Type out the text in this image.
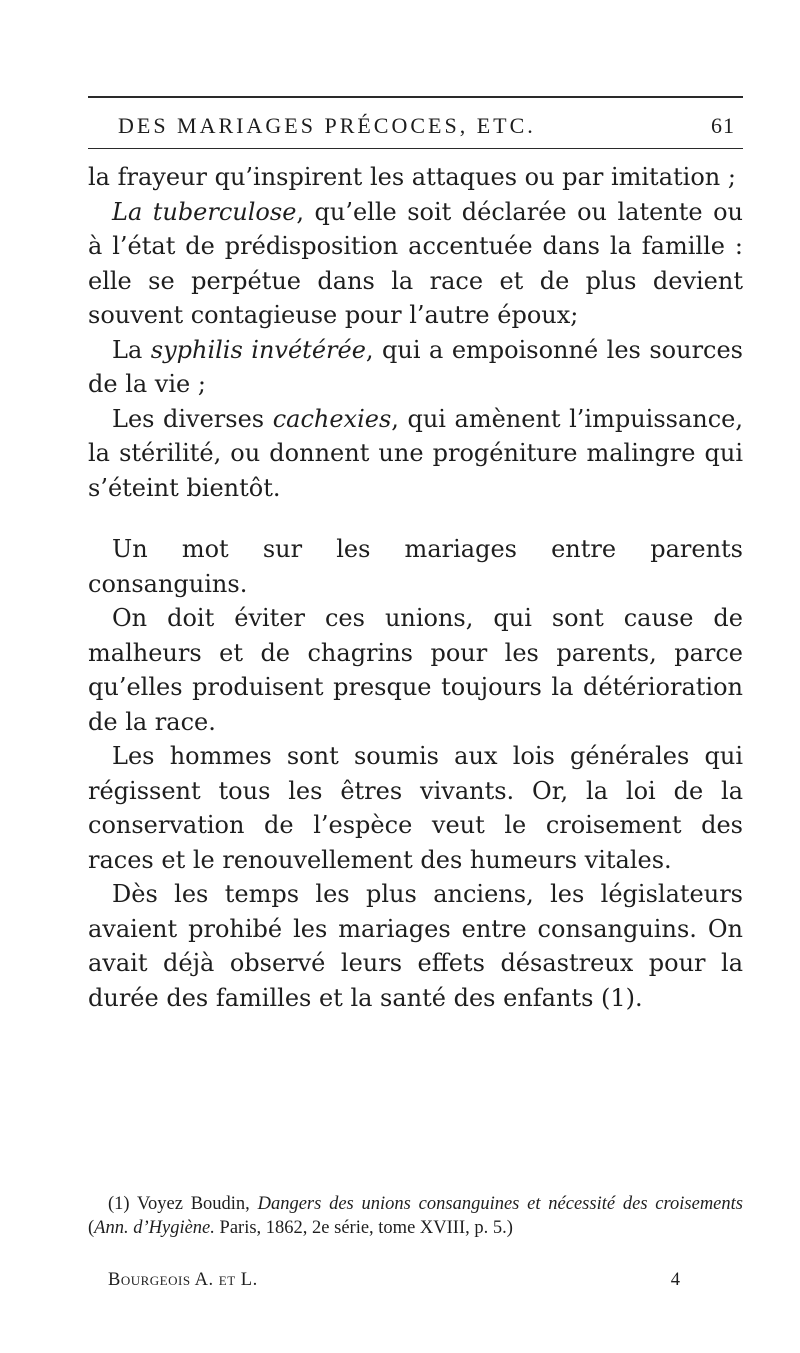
DES MARIAGES PRÉCOCES, ETC.	61

la frayeur qu’inspirent les attaques ou par imitation ;

La tuberculose, qu’elle soit déclarée ou latente ou à l’état de prédisposition accentuée dans la famille : elle se perpétue dans la race et de plus devient souvent contagieuse pour l’autre époux;

La syphilis invétérée, qui a empoisonné les sources de la vie ;

Les diverses cachexies, qui amènent l’impuissance, la stérilité, ou donnent une progéniture malingre qui s’éteint bientôt.

Un mot sur les mariages entre parents consanguins.

On doit éviter ces unions, qui sont cause de malheurs et de chagrins pour les parents, parce qu’elles produisent presque toujours la détérioration de la race.

Les hommes sont soumis aux lois générales qui régissent tous les êtres vivants. Or, la loi de la conservation de l’espèce veut le croisement des races et le renouvellement des humeurs vitales.

Dès les temps les plus anciens, les législateurs avaient prohibé les mariages entre consanguins. On avait déjà observé leurs effets désastreux pour la durée des familles et la santé des enfants (1).

(1) Voyez Boudin, Dangers des unions consanguines et nécessité des croisements (Ann. d’Hygiène. Paris, 1862, 2e série, tome XVIII, p. 5.)

Bourgeois A. et L.	4
